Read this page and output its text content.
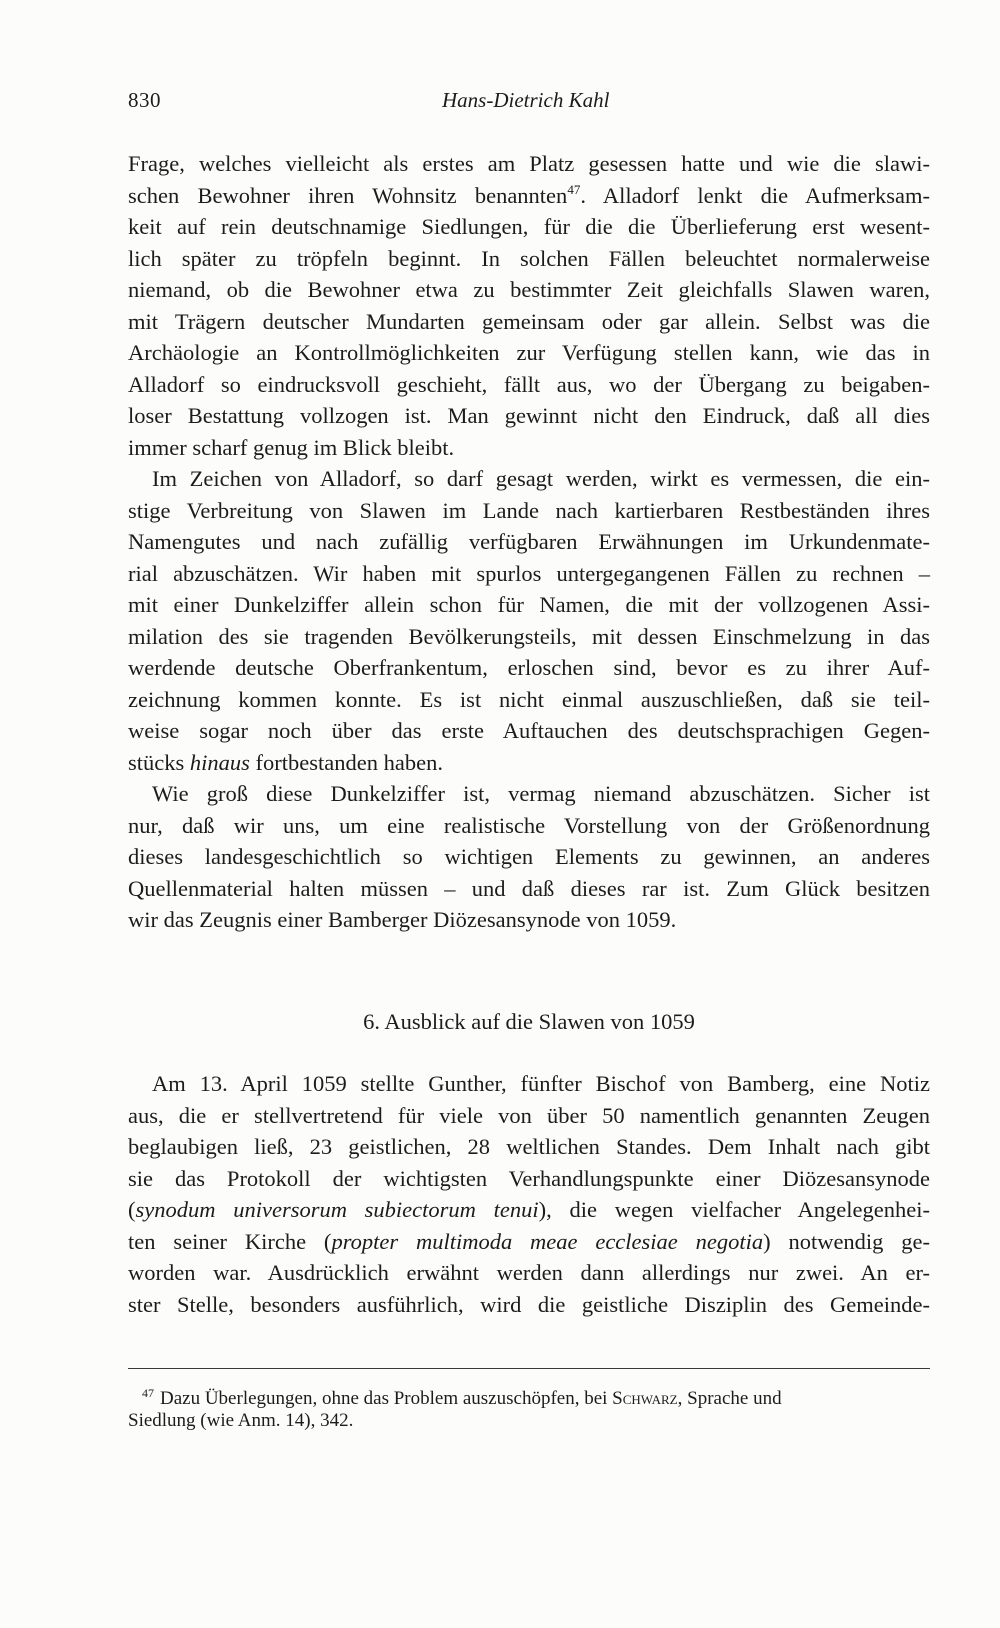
830	Hans-Dietrich Kahl
Frage, welches vielleicht als erstes am Platz gesessen hatte und wie die slawi-
schen Bewohner ihren Wohnsitz benannten$^{47}$. Alladorf lenkt die Aufmerksam-
keit auf rein deutschnamige Siedlungen, für die die Überlieferung erst wesent-
lich später zu tröpfeln beginnt. In solchen Fällen beleuchtet normalerweise
niemand, ob die Bewohner etwa zu bestimmter Zeit gleichfalls Slawen waren,
mit Trägern deutscher Mundarten gemeinsam oder gar allein. Selbst was die
Archäologie an Kontrollmöglichkeiten zur Verfügung stellen kann, wie das in
Alladorf so eindrucksvoll geschieht, fällt aus, wo der Übergang zu beigaben-
loser Bestattung vollzogen ist. Man gewinnt nicht den Eindruck, daß all dies
immer scharf genug im Blick bleibt.
Im Zeichen von Alladorf, so darf gesagt werden, wirkt es vermessen, die ein-
stige Verbreitung von Slawen im Lande nach kartierbaren Restbeständen ihres
Namengutes und nach zufällig verfügbaren Erwähnungen im Urkundenmate-
rial abzuschätzen. Wir haben mit spurlos untergegangenen Fällen zu rechnen –
mit einer Dunkelziffer allein schon für Namen, die mit der vollzogenen Assi-
milation des sie tragenden Bevölkerungsteils, mit dessen Einschmelzung in das
werdende deutsche Oberfrankentum, erloschen sind, bevor es zu ihrer Auf-
zeichnung kommen konnte. Es ist nicht einmal auszuschließen, daß sie teil-
weise sogar noch über das erste Auftauchen des deutschsprachigen Gegen-
stücks hinaus fortbestanden haben.
Wie groß diese Dunkelziffer ist, vermag niemand abzuschätzen. Sicher ist
nur, daß wir uns, um eine realistische Vorstellung von der Größenordnung
dieses landesgeschichtlich so wichtigen Elements zu gewinnen, an anderes
Quellenmaterial halten müssen – und daß dieses rar ist. Zum Glück besitzen
wir das Zeugnis einer Bamberger Diözesansynode von 1059.
6. Ausblick auf die Slawen von 1059
Am 13. April 1059 stellte Gunther, fünfter Bischof von Bamberg, eine Notiz
aus, die er stellvertretend für viele von über 50 namentlich genannten Zeugen
beglaubigen ließ, 23 geistlichen, 28 weltlichen Standes. Dem Inhalt nach gibt
sie das Protokoll der wichtigsten Verhandlungspunkte einer Diözesansynode
(synodum universorum subiectorum tenui), die wegen vielfacher Angelegenhei-
ten seiner Kirche (propter multimoda meae ecclesiae negotia) notwendig ge-
worden war. Ausdrücklich erwähnt werden dann allerdings nur zwei. An er-
ster Stelle, besonders ausführlich, wird die geistliche Disziplin des Gemeinde-
$^{47}$ Dazu Überlegungen, ohne das Problem auszuschöpfen, bei Schwarz, Sprache und
Siedlung (wie Anm. 14), 342.
